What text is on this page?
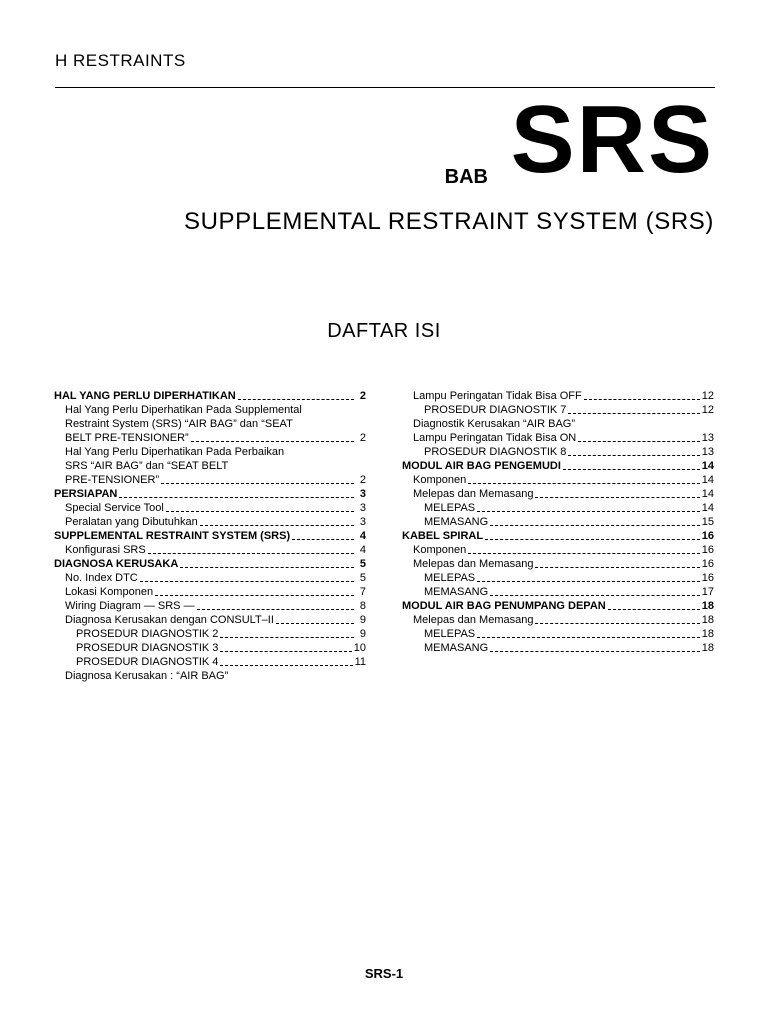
H RESTRAINTS
BAB SRS
SUPPLEMENTAL RESTRAINT SYSTEM (SRS)
DAFTAR ISI
HAL YANG PERLU DIPERHATIKAN	2
Hal Yang Perlu Diperhatikan Pada Supplemental
Restraint System (SRS) “AIR BAG” dan “SEAT
BELT PRE-TENSIONER”	2
Hal Yang Perlu Diperhatikan Pada Perbaikan
SRS “AIR BAG” dan “SEAT BELT
PRE-TENSIONER”	2
PERSIAPAN	3
Special Service Tool	3
Peralatan yang Dibutuhkan	3
SUPPLEMENTAL RESTRAINT SYSTEM (SRS)	4
Konfigurasi SRS	4
DIAGNOSA KERUSAKA	5
No. Index DTC	5
Lokasi Komponen	7
Wiring Diagram — SRS —	8
Diagnosa Kerusakan dengan CONSULT–II	9
PROSEDUR DIAGNOSTIK 2	9
PROSEDUR DIAGNOSTIK 3	10
PROSEDUR DIAGNOSTIK 4	11
Diagnosa Kerusakan : “AIR BAG”
Lampu Peringatan Tidak Bisa OFF	12
PROSEDUR DIAGNOSTIK 7	12
Diagnostik Kerusakan “AIR BAG”
Lampu Peringatan Tidak Bisa ON	13
PROSEDUR DIAGNOSTIK 8	13
MODUL AIR BAG PENGEMUDI	14
Komponen	14
Melepas dan Memasang	14
MELEPAS	14
MEMASANG	15
KABEL SPIRAL	16
Komponen	16
Melepas dan Memasang	16
MELEPAS	16
MEMASANG	17
MODUL AIR BAG PENUMPANG DEPAN	18
Melepas dan Memasang	18
MELEPAS	18
MEMASANG	18
SRS-1
